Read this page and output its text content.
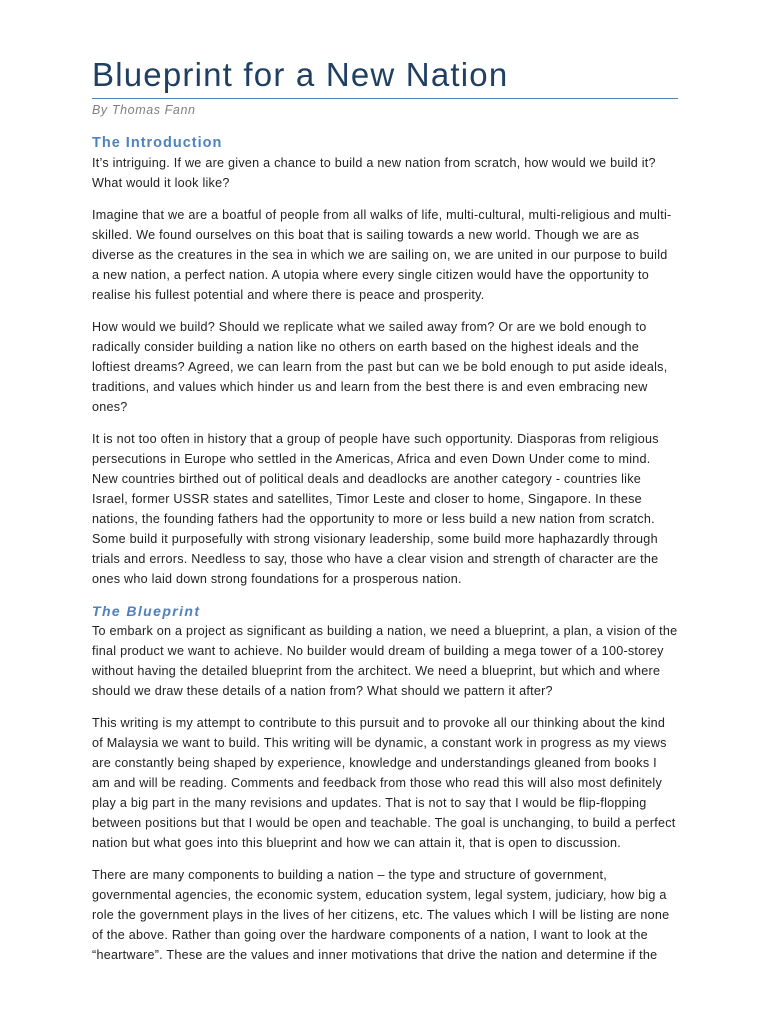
Blueprint for a New Nation
By Thomas Fann
The Introduction

It’s intriguing. If we are given a chance to build a new nation from scratch, how would we build it? What would it look like?

Imagine that we are a boatful of people from all walks of life, multi-cultural, multi-religious and multi-skilled. We found ourselves on this boat that is sailing towards a new world. Though we are as diverse as the creatures in the sea in which we are sailing on, we are united in our purpose to build a new nation, a perfect nation. A utopia where every single citizen would have the opportunity to realise his fullest potential and where there is peace and prosperity.

How would we build? Should we replicate what we sailed away from? Or are we bold enough to radically consider building a nation like no others on earth based on the highest ideals and the loftiest dreams? Agreed, we can learn from the past but can we be bold enough to put aside ideals, traditions, and values which hinder us and learn from the best there is and even embracing new ones?

It is not too often in history that a group of people have such opportunity. Diasporas from religious persecutions in Europe who settled in the Americas, Africa and even Down Under come to mind. New countries birthed out of political deals and deadlocks are another category - countries like Israel, former USSR states and satellites, Timor Leste and closer to home, Singapore. In these nations, the founding fathers had the opportunity to more or less build a new nation from scratch. Some build it purposefully with strong visionary leadership, some build more haphazardly through trials and errors. Needless to say, those who have a clear vision and strength of character are the ones who laid down strong foundations for a prosperous nation.

The Blueprint

To embark on a project as significant as building a nation, we need a blueprint, a plan, a vision of the final product we want to achieve. No builder would dream of building a mega tower of a 100-storey without having the detailed blueprint from the architect. We need a blueprint, but which and where should we draw these details of a nation from? What should we pattern it after?

This writing is my attempt to contribute to this pursuit and to provoke all our thinking about the kind of Malaysia we want to build. This writing will be dynamic, a constant work in progress as my views are constantly being shaped by experience, knowledge and understandings gleaned from books I am and will be reading. Comments and feedback from those who read this will also most definitely play a big part in the many revisions and updates. That is not to say that I would be flip-flopping between positions but that I would be open and teachable. The goal is unchanging, to build a perfect nation but what goes into this blueprint and how we can attain it, that is open to discussion.

There are many components to building a nation – the type and structure of government, governmental agencies, the economic system, education system, legal system, judiciary, how big a role the government plays in the lives of her citizens, etc. The values which I will be listing are none of the above. Rather than going over the hardware components of a nation, I want to look at the “heartware”. These are the values and inner motivations that drive the nation and determine if the
